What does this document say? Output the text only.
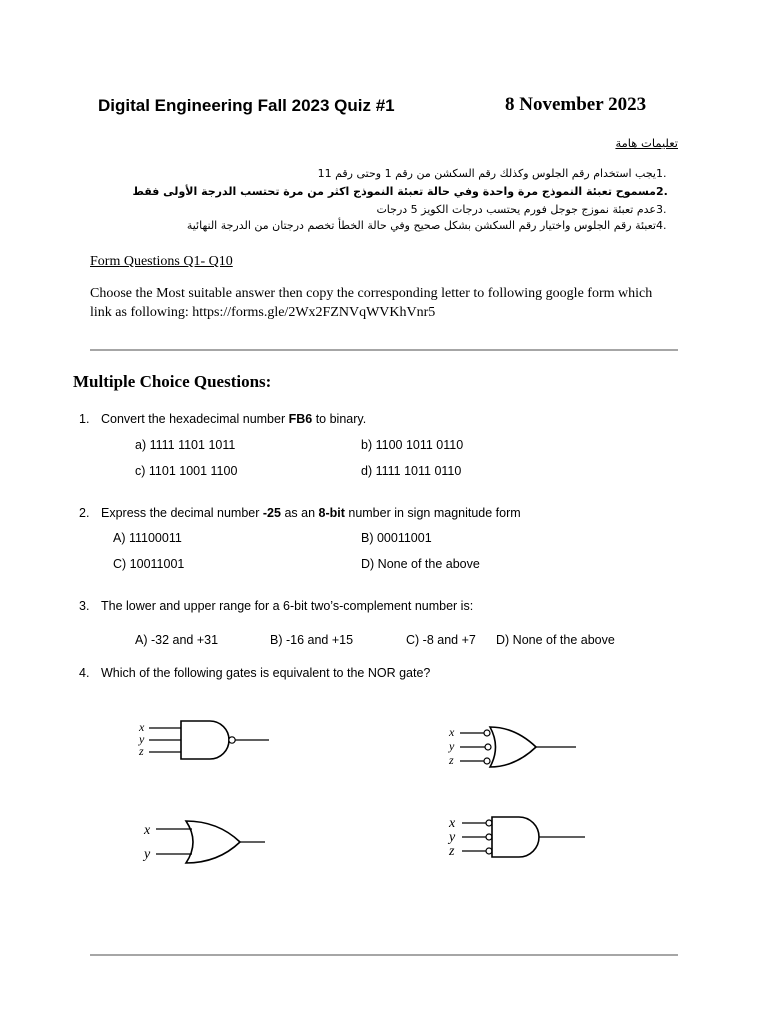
Digital Engineering Fall 2023 Quiz #1	8 November 2023
تعليمات هامة
.1يجب استخدام رقم الجلوس وكذلك رقم السكشن من رقم 1 وحتى رقم 11
.2مسموح تعبئة النموذج مرة واحدة وفي حالة تعبئة النموذج اكثر من مرة تحتسب الدرجة الأولى فقط
.3عدم تعبئة نموزج جوجل فورم يحتسب درجات الكويز 5 درجات
.4تعبئة رقم الجلوس واختيار رقم السكشن بشكل صحيح وفي حالة الخطأ تخصم درجتان من الدرجة النهائية
Form Questions Q1- Q10
Choose the Most suitable answer then copy the corresponding letter to following google form which
link as following: https://forms.gle/2Wx2FZNVqWVKhVnr5
Multiple Choice Questions:
1. Convert the hexadecimal number FB6 to binary.
a) 1111 1101 1011	b) 1100 1011 0110
c) 1101 1001 1100	d) 1111 1011 0110
2. Express the decimal number -25 as an 8-bit number in sign magnitude form
A) 11100011	B) 00011001
C) 10011001	D) None of the above
3. The lower and upper range for a 6-bit two’s-complement number is:
A) -32 and +31	B) -16 and +15	C) -8 and +7 D) None of the above
4. Which of the following gates is equivalent to the NOR gate?
x
y
z
x
y
z
x
y
x
y
z
